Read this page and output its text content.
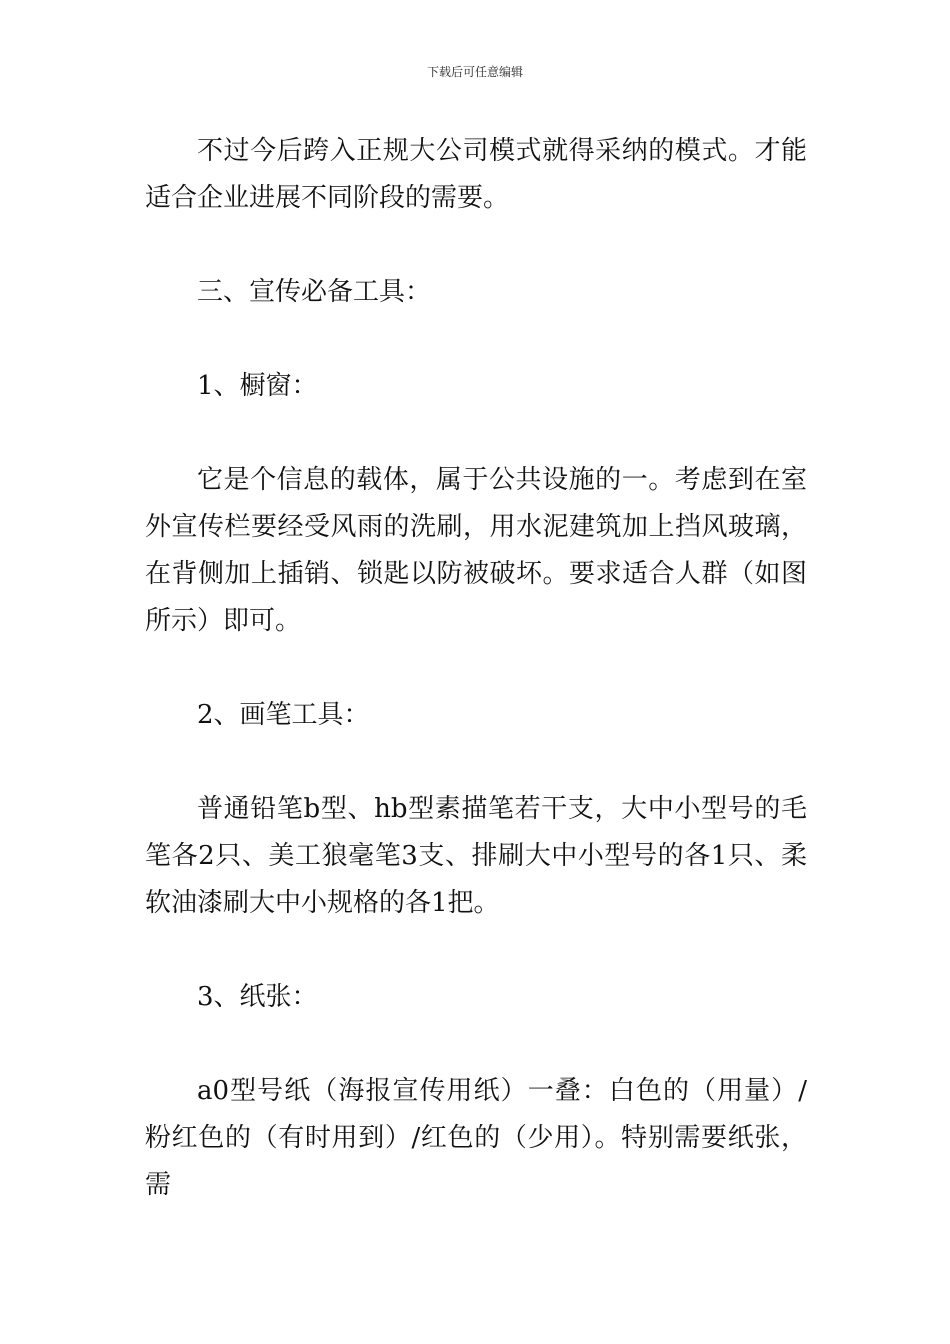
下载后可任意编辑

不过今后跨入正规大公司模式就得采纳的模式。才能适合企业进展不同阶段的需要。

三、宣传必备工具：

1、橱窗：

它是个信息的载体，属于公共设施的一。考虑到在室外宣传栏要经受风雨的洗刷，用水泥建筑加上挡风玻璃，在背侧加上插销、锁匙以防被破坏。要求适合人群（如图所示）即可。

2、画笔工具：

普通铅笔b型、hb型素描笔若干支，大中小型号的毛笔各2只、美工狼毫笔3支、排刷大中小型号的各1只、柔软油漆刷大中小规格的各1把。

3、纸张：

a0型号纸（海报宣传用纸）一叠：白色的（用量）/粉红色的（有时用到）/红色的（少用）。特别需要纸张，需
